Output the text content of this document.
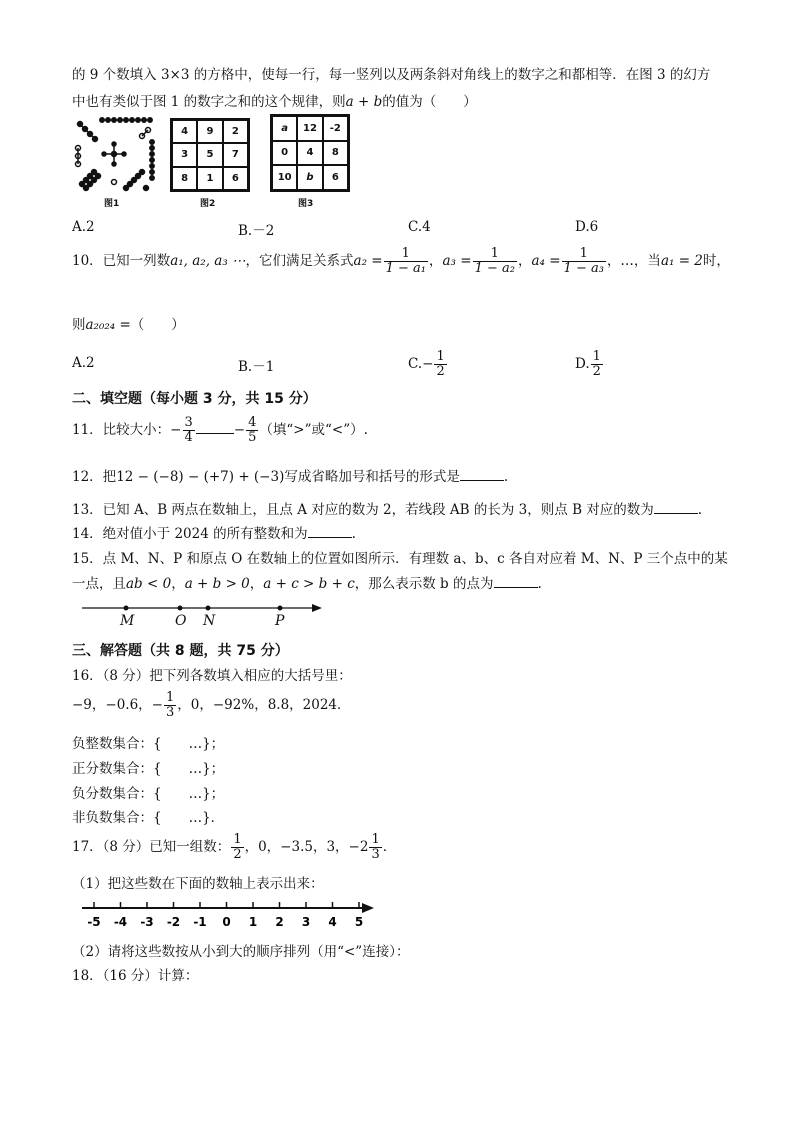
的 9 个数填入 3×3 的方格中，使每一行，每一竖列以及两条斜对角线上的数字之和都相等．在图 3 的幻方
中也有类似于图 1 的数字之和的这个规律，则a + b的值为（　　）
图1
4	9	2
3	5	7
8	1	6
图2
a	12	-2
0	4	8
10	b	6
图3
A.2	B.－2	C.4	D.6
10．已知一列数a₁, a₂, a₃ ⋯，它们满足关系式$a_2 = \frac{1}{\text{1 − a₁}}$ ，$a_3 = \frac{1}{\text{1 − a₂}}$ ，$a_4 = \frac{1}{\text{1 − a₃}}$ ，…，当a₁ = 2时，
则a₂₀₂₄ =（　　）
A.2	B.－1	$C.- \frac{1}{2}$	D. $\frac{1}{2}$
二、填空题（每小题 3 分，共 15 分）
11．比较大小：− $\frac{3}{4}$	− $\frac{4}{5}$ （填“>”或“<”）.
12．把12 − (−8) − (+7) + (−3)写成省略加号和括号的形式是	.
13．已知 A、B 两点在数轴上，且点 A 对应的数为 2，若线段 AB 的长为 3，则点 B 对应的数为	.
14．绝对值小于 2024 的所有整数和为	.
15．点 M、N、P 和原点 O 在数轴上的位置如图所示．有理数 a、b、c 各自对应着 M、N、P 三个点中的某
一点，且ab < 0，a + b > 0，a + c > b + c，那么表示数 b 的点为	.
M	O N	P
三、解答题（共 8 题，共 75 分）
16．（8 分）把下列各数填入相应的大括号里：
−9，−0.6，− $\frac{1}{3}$ ，0，−92%，8.8，2024．
负整数集合：{　　…}；
正分数集合：{　　…}；
负分数集合：{　　…}；
非负数集合：{　　…}．
17．（8 分）已知一组数： $\frac{1}{2}$ ，0，−3.5，3，$-2 \frac{1}{3}$ ．
（1）把这些数在下面的数轴上表示出来：
-5 -4 -3 -2 -1 0 1 2 3 4 5
（2）请将这些数按从小到大的顺序排列（用“<”连接）：
18．（16 分）计算：
